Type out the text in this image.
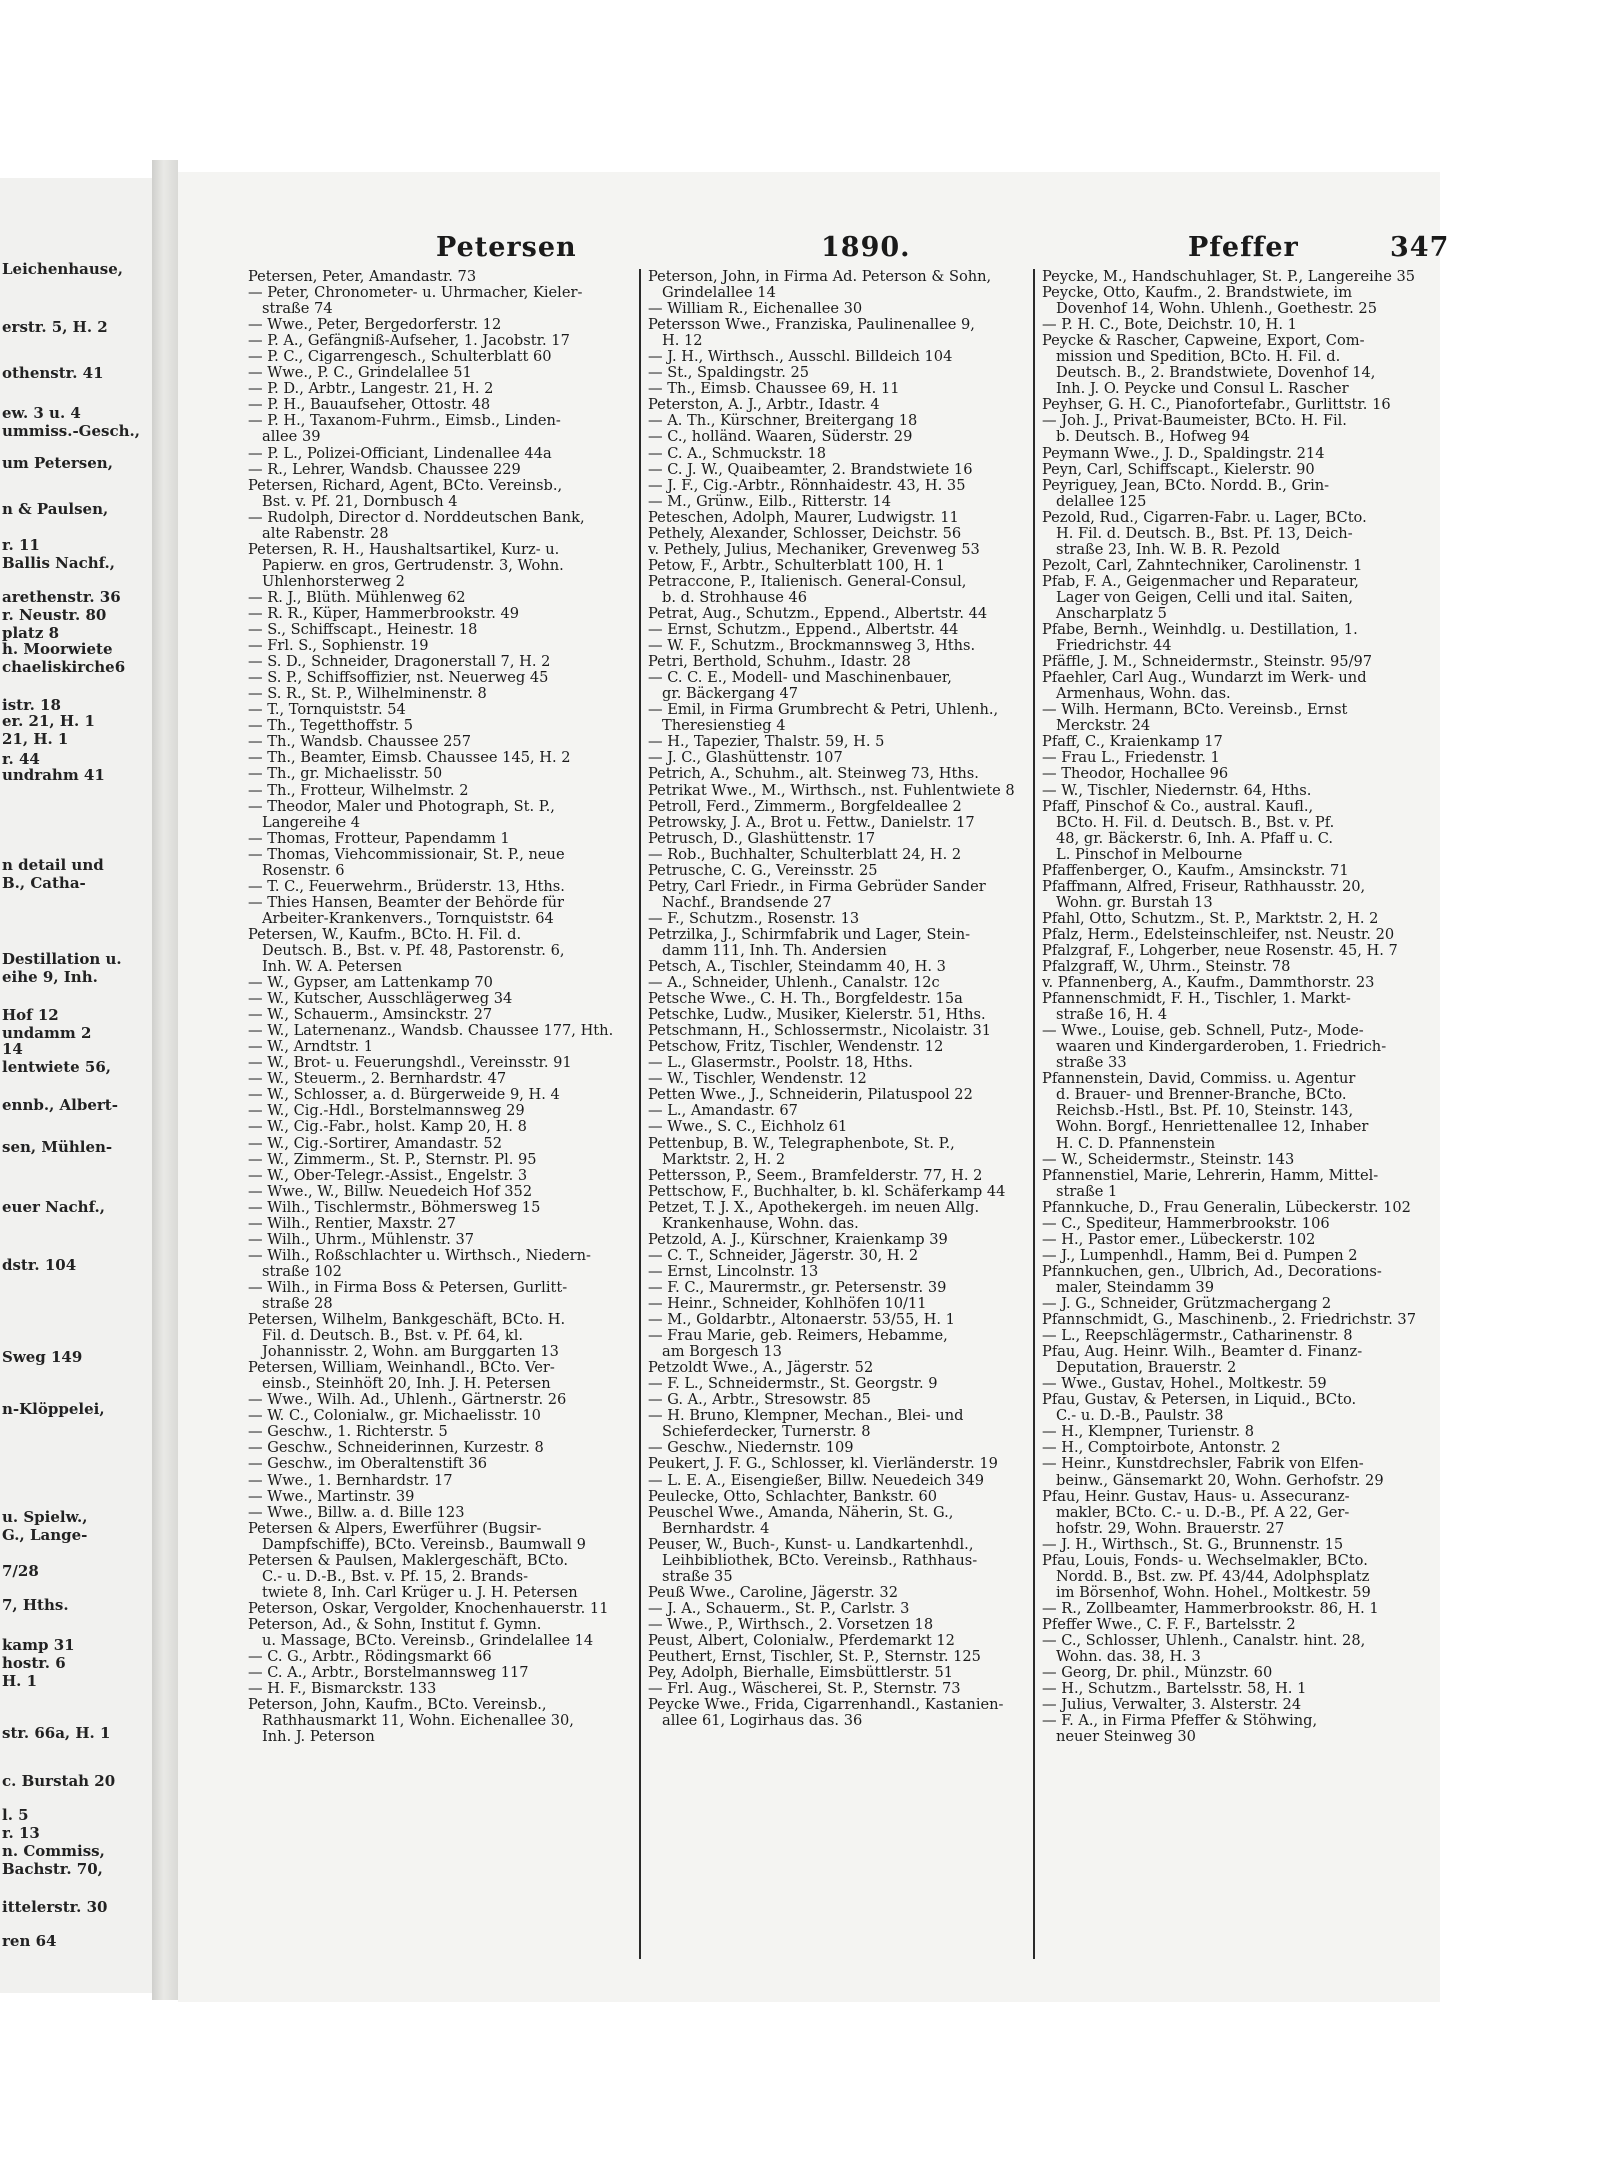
Leichenhause,
erstr. 5, H. 2
othenstr. 41
ew. 3 u. 4
ummiss.-Gesch.,
um Petersen,
n & Paulsen,
r. 11
Ballis Nachf.,
arethenstr. 36
r. Neustr. 80
platz 8
h. Moorwiete
chaeliskirche6
istr. 18
er. 21, H. 1
21, H. 1
r. 44
undrahm 41
n detail und
B., Catha-
Destillation u.
eihe 9, Inh.
Hof 12
undamm 2
14
lentwiete 56,
ennb., Albert-
sen, Mühlen-
euer Nachf.,
dstr. 104
Sweg 149
n-Klöppelei,
u. Spielw.,
G., Lange-
7/28
7, Hths.
kamp 31
hostr. 6
H. 1
str. 66a, H. 1
c. Burstah 20
l. 5
r. 13
n. Commiss,
Bachstr. 70,
ittelerstr. 30
ren 64
Petersen	1890.	Pfeffer	347

Petersen, Peter, Amandastr. 73

— Peter, Chronometer- u. Uhrmacher, Kieler-

straße 74

— Wwe., Peter, Bergedorferstr. 12

— P. A., Gefängniß-Aufseher, 1. Jacobstr. 17

— P. C., Cigarrengesch., Schulterblatt 60

— Wwe., P. C., Grindelallee 51

— P. D., Arbtr., Langestr. 21, H. 2

— P. H., Bauaufseher, Ottostr. 48

— P. H., Taxanom-Fuhrm., Eimsb., Linden-

allee 39

— P. L., Polizei-Officiant, Lindenallee 44a

— R., Lehrer, Wandsb. Chaussee 229

Petersen, Richard, Agent, BCto. Vereinsb.,

Bst. v. Pf. 21, Dornbusch 4

— Rudolph, Director d. Norddeutschen Bank,

alte Rabenstr. 28

Petersen, R. H., Haushaltsartikel, Kurz- u.

Papierw. en gros, Gertrudenstr. 3, Wohn.

Uhlenhorsterweg 2

— R. J., Blüth. Mühlenweg 62

— R. R., Küper, Hammerbrookstr. 49

— S., Schiffscapt., Heinestr. 18

— Frl. S., Sophienstr. 19

— S. D., Schneider, Dragonerstall 7, H. 2

— S. P., Schiffsoffizier, nst. Neuerweg 45

— S. R., St. P., Wilhelminenstr. 8

— T., Tornquiststr. 54

— Th., Tegetthoffstr. 5

— Th., Wandsb. Chaussee 257

— Th., Beamter, Eimsb. Chaussee 145, H. 2

— Th., gr. Michaelisstr. 50

— Th., Frotteur, Wilhelmstr. 2

— Theodor, Maler und Photograph, St. P.,

Langereihe 4

— Thomas, Frotteur, Papendamm 1

— Thomas, Viehcommissionair, St. P., neue

Rosenstr. 6

— T. C., Feuerwehrm., Brüderstr. 13, Hths.

— Thies Hansen, Beamter der Behörde für

Arbeiter-Krankenvers., Tornquiststr. 64

Petersen, W., Kaufm., BCto. H. Fil. d.

Deutsch. B., Bst. v. Pf. 48, Pastorenstr. 6,

Inh. W. A. Petersen

— W., Gypser, am Lattenkamp 70

— W., Kutscher, Ausschlägerweg 34

— W., Schauerm., Amsinckstr. 27

— W., Laternenanz., Wandsb. Chaussee 177, Hth.

— W., Arndtstr. 1

— W., Brot- u. Feuerungshdl., Vereinsstr. 91

— W., Steuerm., 2. Bernhardstr. 47

— W., Schlosser, a. d. Bürgerweide 9, H. 4

— W., Cig.-Hdl., Borstelmannsweg 29

— W., Cig.-Fabr., holst. Kamp 20, H. 8

— W., Cig.-Sortirer, Amandastr. 52

— W., Zimmerm., St. P., Sternstr. Pl. 95

— W., Ober-Telegr.-Assist., Engelstr. 3

— Wwe., W., Billw. Neuedeich Hof 352

— Wilh., Tischlermstr., Böhmersweg 15

— Wilh., Rentier, Maxstr. 27

— Wilh., Uhrm., Mühlenstr. 37

— Wilh., Roßschlachter u. Wirthsch., Niedern-

straße 102

— Wilh., in Firma Boss & Petersen, Gurlitt-

straße 28

Petersen, Wilhelm, Bankgeschäft, BCto. H.

Fil. d. Deutsch. B., Bst. v. Pf. 64, kl.

Johannisstr. 2, Wohn. am Burggarten 13

Petersen, William, Weinhandl., BCto. Ver-

einsb., Steinhöft 20, Inh. J. H. Petersen

— Wwe., Wilh. Ad., Uhlenh., Gärtnerstr. 26

— W. C., Colonialw., gr. Michaelisstr. 10

— Geschw., 1. Richterstr. 5

— Geschw., Schneiderinnen, Kurzestr. 8

— Geschw., im Oberaltenstift 36

— Wwe., 1. Bernhardstr. 17

— Wwe., Martinstr. 39

— Wwe., Billw. a. d. Bille 123

Petersen & Alpers, Ewerführer (Bugsir-

Dampfschiffe), BCto. Vereinsb., Baumwall 9

Petersen & Paulsen, Maklergeschäft, BCto.

C.- u. D.-B., Bst. v. Pf. 15, 2. Brands-

twiete 8, Inh. Carl Krüger u. J. H. Petersen

Peterson, Oskar, Vergolder, Knochenhauerstr. 11

Peterson, Ad., & Sohn, Institut f. Gymn.

u. Massage, BCto. Vereinsb., Grindelallee 14

— C. G., Arbtr., Rödingsmarkt 66

— C. A., Arbtr., Borstelmannsweg 117

— H. F., Bismarckstr. 133

Peterson, John, Kaufm., BCto. Vereinsb.,

Rathhausmarkt 11, Wohn. Eichenallee 30,

Inh. J. Peterson

Peterson, John, in Firma Ad. Peterson & Sohn,

Grindelallee 14

— William R., Eichenallee 30

Petersson Wwe., Franziska, Paulinenallee 9,

H. 12

— J. H., Wirthsch., Ausschl. Billdeich 104

— St., Spaldingstr. 25

— Th., Eimsb. Chaussee 69, H. 11

Peterston, A. J., Arbtr., Idastr. 4

— A. Th., Kürschner, Breitergang 18

— C., holländ. Waaren, Süderstr. 29

— C. A., Schmuckstr. 18

— C. J. W., Quaibeamter, 2. Brandstwiete 16

— J. F., Cig.-Arbtr., Rönnhaidestr. 43, H. 35

— M., Grünw., Eilb., Ritterstr. 14

Peteschen, Adolph, Maurer, Ludwigstr. 11

Pethely, Alexander, Schlosser, Deichstr. 56

v. Pethely, Julius, Mechaniker, Grevenweg 53

Petow, F., Arbtr., Schulterblatt 100, H. 1

Petraccone, P., Italienisch. General-Consul,

b. d. Strohhause 46

Petrat, Aug., Schutzm., Eppend., Albertstr. 44

— Ernst, Schutzm., Eppend., Albertstr. 44

— W. F., Schutzm., Brockmannsweg 3, Hths.

Petri, Berthold, Schuhm., Idastr. 28

— C. C. E., Modell- und Maschinenbauer,

gr. Bäckergang 47

— Emil, in Firma Grumbrecht & Petri, Uhlenh.,

Theresienstieg 4

— H., Tapezier, Thalstr. 59, H. 5

— J. C., Glashüttenstr. 107

Petrich, A., Schuhm., alt. Steinweg 73, Hths.

Petrikat Wwe., M., Wirthsch., nst. Fuhlentwiete 8

Petroll, Ferd., Zimmerm., Borgfeldeallee 2

Petrowsky, J. A., Brot u. Fettw., Danielstr. 17

Petrusch, D., Glashüttenstr. 17

— Rob., Buchhalter, Schulterblatt 24, H. 2

Petrusche, C. G., Vereinsstr. 25

Petry, Carl Friedr., in Firma Gebrüder Sander

Nachf., Brandsende 27

— F., Schutzm., Rosenstr. 13

Petrzilka, J., Schirmfabrik und Lager, Stein-

damm 111, Inh. Th. Andersien

Petsch, A., Tischler, Steindamm 40, H. 3

— A., Schneider, Uhlenh., Canalstr. 12c

Petsche Wwe., C. H. Th., Borgfeldestr. 15a

Petschke, Ludw., Musiker, Kielerstr. 51, Hths.

Petschmann, H., Schlossermstr., Nicolaistr. 31

Petschow, Fritz, Tischler, Wendenstr. 12

— L., Glasermstr., Poolstr. 18, Hths.

— W., Tischler, Wendenstr. 12

Petten Wwe., J., Schneiderin, Pilatuspool 22

— L., Amandastr. 67

— Wwe., S. C., Eichholz 61

Pettenbup, B. W., Telegraphenbote, St. P.,

Marktstr. 2, H. 2

Pettersson, P., Seem., Bramfelderstr. 77, H. 2

Pettschow, F., Buchhalter, b. kl. Schäferkamp 44

Petzet, T. J. X., Apothekergeh. im neuen Allg.

Krankenhause, Wohn. das.

Petzold, A. J., Kürschner, Kraienkamp 39

— C. T., Schneider, Jägerstr. 30, H. 2

— Ernst, Lincolnstr. 13

— F. C., Maurermstr., gr. Petersenstr. 39

— Heinr., Schneider, Kohlhöfen 10/11

— M., Goldarbtr., Altonaerstr. 53/55, H. 1

— Frau Marie, geb. Reimers, Hebamme,

am Borgesch 13

Petzoldt Wwe., A., Jägerstr. 52

— F. L., Schneidermstr., St. Georgstr. 9

— G. A., Arbtr., Stresowstr. 85

— H. Bruno, Klempner, Mechan., Blei- und

Schieferdecker, Turnerstr. 8

— Geschw., Niedernstr. 109

Peukert, J. F. G., Schlosser, kl. Vierländerstr. 19

— L. E. A., Eisengießer, Billw. Neuedeich 349

Peulecke, Otto, Schlachter, Bankstr. 60

Peuschel Wwe., Amanda, Näherin, St. G.,

Bernhardstr. 4

Peuser, W., Buch-, Kunst- u. Landkartenhdl.,

Leihbibliothek, BCto. Vereinsb., Rathhaus-

straße 35

Peuß Wwe., Caroline, Jägerstr. 32

— J. A., Schauerm., St. P., Carlstr. 3

— Wwe., P., Wirthsch., 2. Vorsetzen 18

Peust, Albert, Colonialw., Pferdemarkt 12

Peuthert, Ernst, Tischler, St. P., Sternstr. 125

Pey, Adolph, Bierhalle, Eimsbüttlerstr. 51

— Frl. Aug., Wäscherei, St. P., Sternstr. 73

Peycke Wwe., Frida, Cigarrenhandl., Kastanien-

allee 61, Logirhaus das. 36

Peycke, M., Handschuhlager, St. P., Langereihe 35

Peycke, Otto, Kaufm., 2. Brandstwiete, im

Dovenhof 14, Wohn. Uhlenh., Goethestr. 25

— P. H. C., Bote, Deichstr. 10, H. 1

Peycke & Rascher, Capweine, Export, Com-

mission und Spedition, BCto. H. Fil. d.

Deutsch. B., 2. Brandstwiete, Dovenhof 14,

Inh. J. O. Peycke und Consul L. Rascher

Peyhser, G. H. C., Pianofortefabr., Gurlittstr. 16

— Joh. J., Privat-Baumeister, BCto. H. Fil.

b. Deutsch. B., Hofweg 94

Peymann Wwe., J. D., Spaldingstr. 214

Peyn, Carl, Schiffscapt., Kielerstr. 90

Peyriguey, Jean, BCto. Nordd. B., Grin-

delallee 125

Pezold, Rud., Cigarren-Fabr. u. Lager, BCto.

H. Fil. d. Deutsch. B., Bst. Pf. 13, Deich-

straße 23, Inh. W. B. R. Pezold

Pezolt, Carl, Zahntechniker, Carolinenstr. 1

Pfab, F. A., Geigenmacher und Reparateur,

Lager von Geigen, Celli und ital. Saiten,

Anscharplatz 5

Pfabe, Bernh., Weinhdlg. u. Destillation, 1.

Friedrichstr. 44

Pfäffle, J. M., Schneidermstr., Steinstr. 95/97

Pfaehler, Carl Aug., Wundarzt im Werk- und

Armenhaus, Wohn. das.

— Wilh. Hermann, BCto. Vereinsb., Ernst

Merckstr. 24

Pfaff, C., Kraienkamp 17

— Frau L., Friedenstr. 1

— Theodor, Hochallee 96

— W., Tischler, Niedernstr. 64, Hths.

Pfaff, Pinschof & Co., austral. Kaufl.,

BCto. H. Fil. d. Deutsch. B., Bst. v. Pf.

48, gr. Bäckerstr. 6, Inh. A. Pfaff u. C.

L. Pinschof in Melbourne

Pfaffenberger, O., Kaufm., Amsinckstr. 71

Pfaffmann, Alfred, Friseur, Rathhausstr. 20,

Wohn. gr. Burstah 13

Pfahl, Otto, Schutzm., St. P., Marktstr. 2, H. 2

Pfalz, Herm., Edelsteinschleifer, nst. Neustr. 20

Pfalzgraf, F., Lohgerber, neue Rosenstr. 45, H. 7

Pfalzgraff, W., Uhrm., Steinstr. 78

v. Pfannenberg, A., Kaufm., Dammthorstr. 23

Pfannenschmidt, F. H., Tischler, 1. Markt-

straße 16, H. 4

— Wwe., Louise, geb. Schnell, Putz-, Mode-

waaren und Kindergarderoben, 1. Friedrich-

straße 33

Pfannenstein, David, Commiss. u. Agentur

d. Brauer- und Brenner-Branche, BCto.

Reichsb.-Hstl., Bst. Pf. 10, Steinstr. 143,

Wohn. Borgf., Henriettenallee 12, Inhaber

H. C. D. Pfannenstein

— W., Scheidermstr., Steinstr. 143

Pfannenstiel, Marie, Lehrerin, Hamm, Mittel-

straße 1

Pfannkuche, D., Frau Generalin, Lübeckerstr. 102

— C., Spediteur, Hammerbrookstr. 106

— H., Pastor emer., Lübeckerstr. 102

— J., Lumpenhdl., Hamm, Bei d. Pumpen 2

Pfannkuchen, gen., Ulbrich, Ad., Decorations-

maler, Steindamm 39

— J. G., Schneider, Grützmachergang 2

Pfannschmidt, G., Maschinenb., 2. Friedrichstr. 37

— L., Reepschlägermstr., Catharinenstr. 8

Pfau, Aug. Heinr. Wilh., Beamter d. Finanz-

Deputation, Brauerstr. 2

— Wwe., Gustav, Hohel., Moltkestr. 59

Pfau, Gustav, & Petersen, in Liquid., BCto.

C.- u. D.-B., Paulstr. 38

— H., Klempner, Turienstr. 8

— H., Comptoirbote, Antonstr. 2

— Heinr., Kunstdrechsler, Fabrik von Elfen-

beinw., Gänsemarkt 20, Wohn. Gerhofstr. 29

Pfau, Heinr. Gustav, Haus- u. Assecuranz-

makler, BCto. C.- u. D.-B., Pf. A 22, Ger-

hofstr. 29, Wohn. Brauerstr. 27

— J. H., Wirthsch., St. G., Brunnenstr. 15

Pfau, Louis, Fonds- u. Wechselmakler, BCto.

Nordd. B., Bst. zw. Pf. 43/44, Adolphsplatz

im Börsenhof, Wohn. Hohel., Moltkestr. 59

— R., Zollbeamter, Hammerbrookstr. 86, H. 1

Pfeffer Wwe., C. F. F., Bartelsstr. 2

— C., Schlosser, Uhlenh., Canalstr. hint. 28,

Wohn. das. 38, H. 3

— Georg, Dr. phil., Münzstr. 60

— H., Schutzm., Bartelsstr. 58, H. 1

— Julius, Verwalter, 3. Alsterstr. 24

— F. A., in Firma Pfeffer & Stöhwing,

neuer Steinweg 30
